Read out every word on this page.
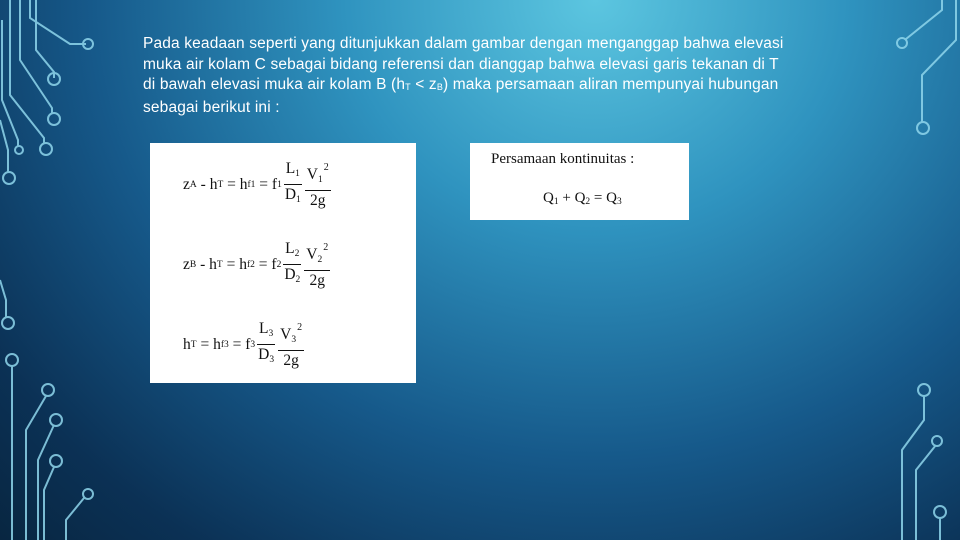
Pada keadaan seperti yang ditunjukkan dalam gambar dengan menganggap bahwa elevasi muka air kolam C sebagai bidang referensi dan dianggap bahwa elevasi garis tekanan di T di bawah elevasi muka air kolam B $(h_T < z_B)$ maka persamaan aliran mempunyai hubungan sebagai berikut ini :

z A - h T = h f1 = f $1 \frac{L_1}{D_1} \frac{V_1^2}{2g}$
z B - h T = h f2 = f $2 \frac{L_2}{D_2} \frac{V_2^2}{2g}$
h T = h f3 = f $3 \frac{L_3}{D_3} \frac{V_3^2}{2g}$
Persamaan kontinuitas :
$Q_1 + Q_2 = Q_3$
